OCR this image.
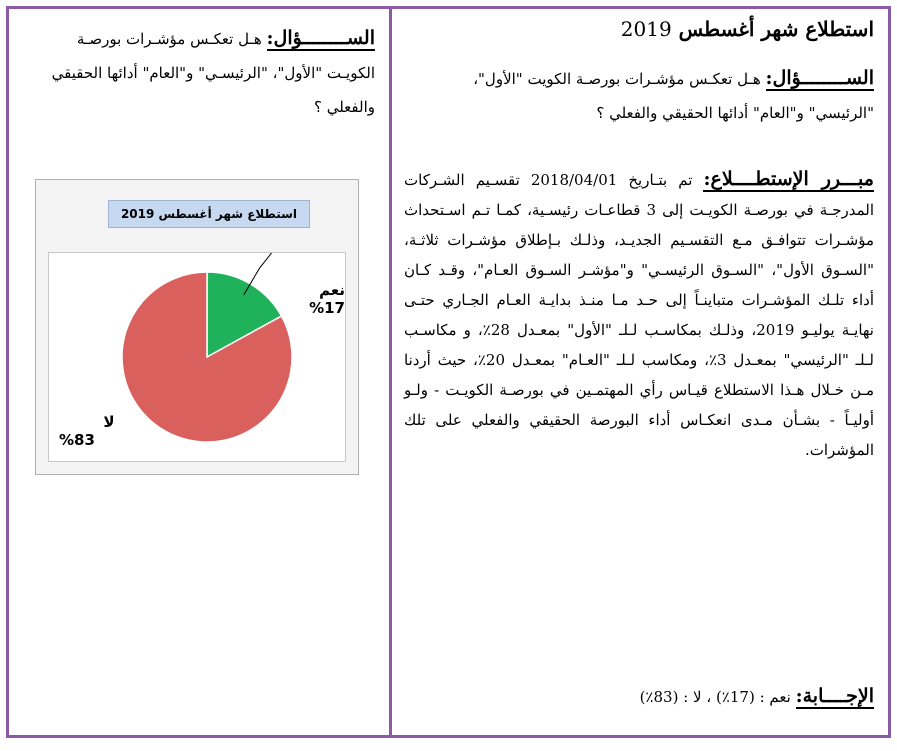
استطلاع شهر أغسطس 2019
الســــــــؤال: هـل تعكـس مؤشـرات بورصـة الكويت "الأول"، "الرئيسي" و"العام" أدائها الحقيقي والفعلي ؟
مبـــرر الإستطــــلاع: تم بتـاريخ 2018/04/01 تقسـيم الشـركات المدرجـة في بورصـة الكويـت إلى 3 قطاعـات رئيسـية، كمـا تـم اسـتحداث مؤشـرات تتوافـق مـع التقسـيم الجديـد، وذلـك بـإطلاق مؤشـرات ثلاثـة، "السـوق الأول"، "السـوق الرئيسـي" و"مؤشـر السـوق العـام"، وقـد كـان أداء تلـك المؤشـرات متباينـاً إلى حـد مـا منـذ بدايـة العـام الجـاري حتـى نهايـة يوليـو 2019، وذلـك بمكاسـب لـلـ "الأول" بمعـدل 28٪، و مكاسـب لـلـ "الرئيسي" بمعـدل 3٪، ومكاسب لـلـ "العـام" بمعـدل 20٪، حيث أردنا مـن خـلال هـذا الاستطلاع قيـاس رأي المهتمـين في بورصـة الكويـت - ولـو أوليـاً - بشـأن مـدى انعكـاس أداء البورصة الحقيقي والفعلي على تلك المؤشرات.
الإجــــابة: نعم : (17٪) ، لا : (83٪)
الســــــــؤال: هـل تعكـس مؤشـرات بورصـة الكويـت "الأول"، "الرئيسـي" و"العام" أدائها الحقيقي والفعلي ؟
استطلاع شهر أغسطس 2019
نعم
%17
لا
%83
